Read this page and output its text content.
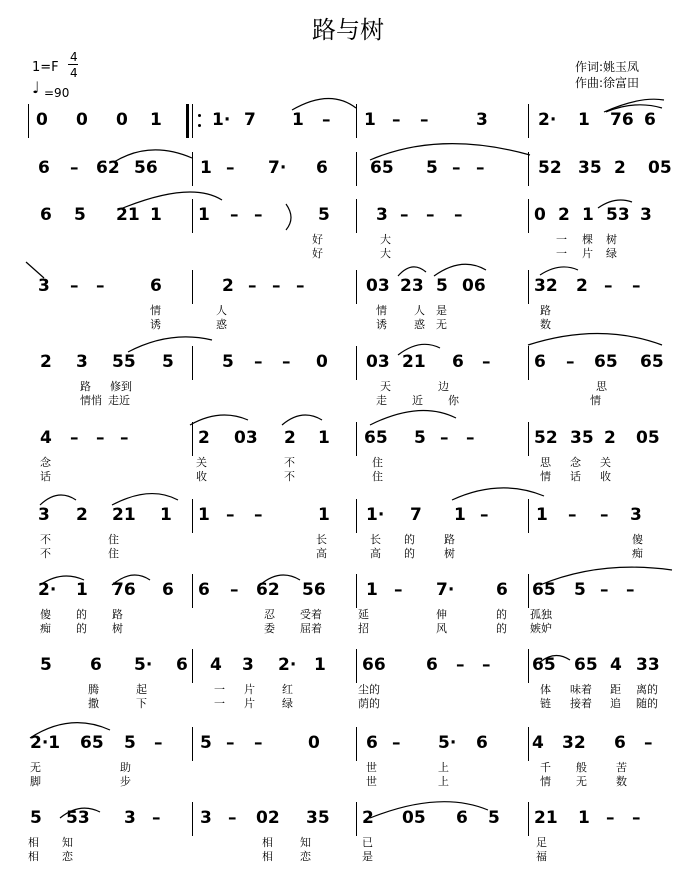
路与树
1=F
4
4
♩ =90
作词:姚玉凤
作曲:徐富田
0 0 0 1	1· 7 1 – 1 – –	3	2· 1 76 6
6 – 62 56 1 – 7· 6 65 5 – –	52 35 2 05
6 5 21 1 1 – –	5	3 – – –	0 2 1 53 3
好	大	一 棵 树
好	大	一 片 绿
3 – –	6	2 – – –	03 23 5 06	32 2 – –
情	人	情 人 是	路
诱	惑	诱 惑 无	数
2 3 55 5	5 – – 0 03 21 6 –	6 – 65 65
路 修到	天	边	思
情悄 走近	走 近 你	情
4 – – –	2 03 2 1 65 5 – –	52 35 2 05
念	关	不	住	思 念 关
话	收	不	住	情 话 收
3 2 21 1 1 – –	1 1· 7 1 –	1 – – 3
不	住	长	长 的	路	傻
不	住	高	高 的	树	痴
2· 1 76 6 6 – 62 56 1 – 7· 6 65 5 – –
傻 的 路	忍 受着	延	伸	的 孤独
痴 的 树	委 屈着	招	风	的 嫉妒
5 6 5· 6 4 3 2· 1 66 6 – – 65 65 4 33
腾	起	一 片 红	尘的	体 味着 距 离的
撒	下	一 片 绿	荫的	链 接着 追 随的
2·1 65 5 – 5 – –	0	6 – 5· 6	4 32 6 –
无	助	世	上	千 般	苦
脚	步	世	上	情 无	数
5 53 3 – 3 – 02 35 2 05 6 5 21 1 – –
相 知	相 知	已	足
相 恋	相 恋	是	福
